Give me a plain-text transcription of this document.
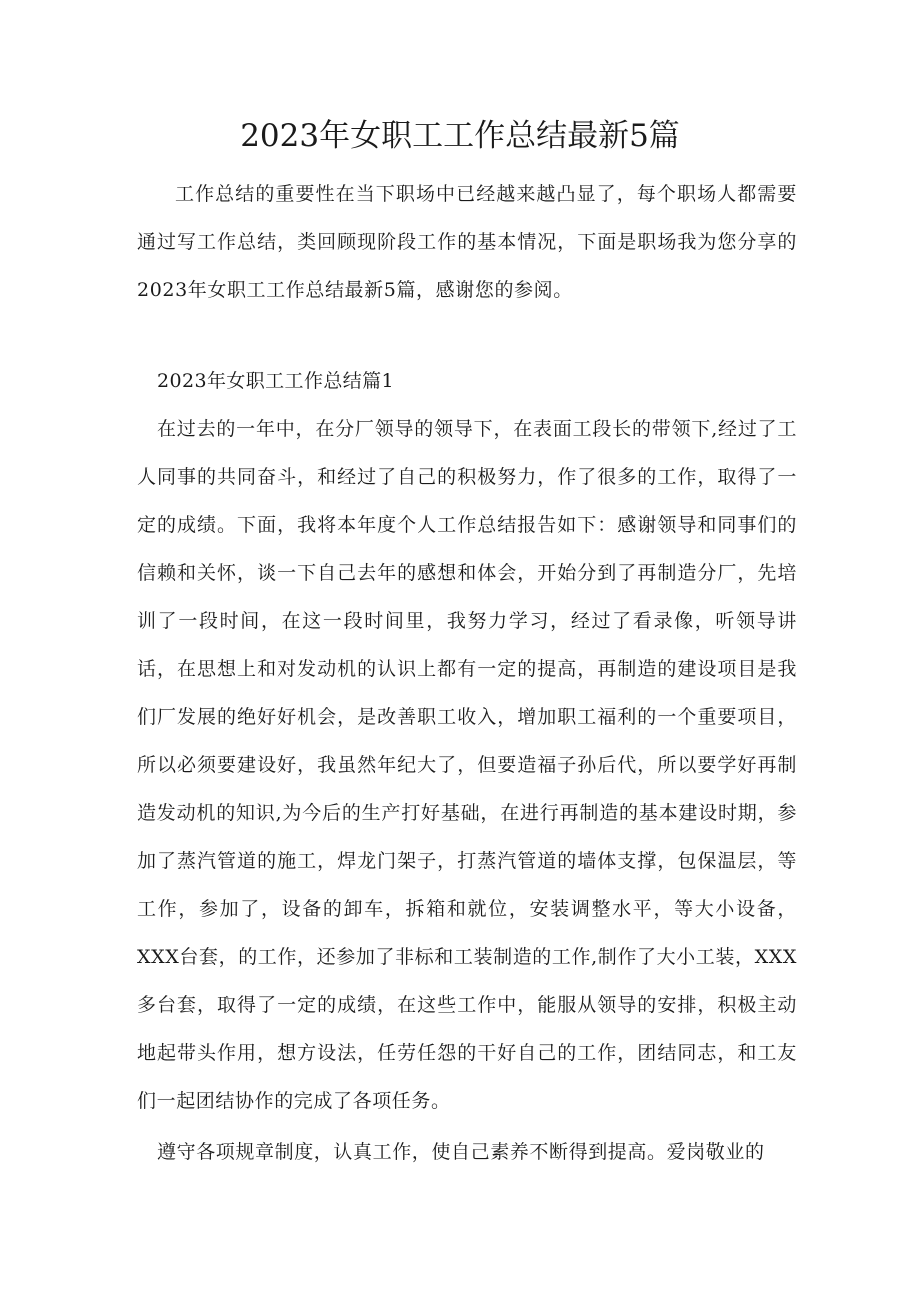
2023年女职工工作总结最新5篇

工作总结的重要性在当下职场中已经越来越凸显了，每个职场人都需要通过写工作总结，类回顾现阶段工作的基本情况，下面是职场我为您分享的2023年女职工工作总结最新5篇，感谢您的参阅。

2023年女职工工作总结篇1

在过去的一年中，在分厂领导的领导下，在表面工段长的带领下,经过了工人同事的共同奋斗，和经过了自己的积极努力，作了很多的工作，取得了一定的成绩。下面，我将本年度个人工作总结报告如下：感谢领导和同事们的信赖和关怀，谈一下自己去年的感想和体会，开始分到了再制造分厂，先培训了一段时间，在这一段时间里，我努力学习，经过了看录像，听领导讲话，在思想上和对发动机的认识上都有一定的提高，再制造的建设项目是我们厂发展的绝好好机会，是改善职工收入，增加职工福利的一个重要项目，所以必须要建设好，我虽然年纪大了，但要造福子孙后代，所以要学好再制造发动机的知识,为今后的生产打好基础，在进行再制造的基本建设时期，参加了蒸汽管道的施工，焊龙门架子，打蒸汽管道的墙体支撑，包保温层，等工作，参加了，设备的卸车，拆箱和就位，安装调整水平，等大小设备，XXX台套，的工作，还参加了非标和工装制造的工作,制作了大小工装，XXX多台套，取得了一定的成绩，在这些工作中，能服从领导的安排，积极主动地起带头作用，想方设法，任劳任怨的干好自己的工作，团结同志，和工友们一起团结协作的完成了各项任务。

遵守各项规章制度，认真工作，使自己素养不断得到提高。爱岗敬业的
